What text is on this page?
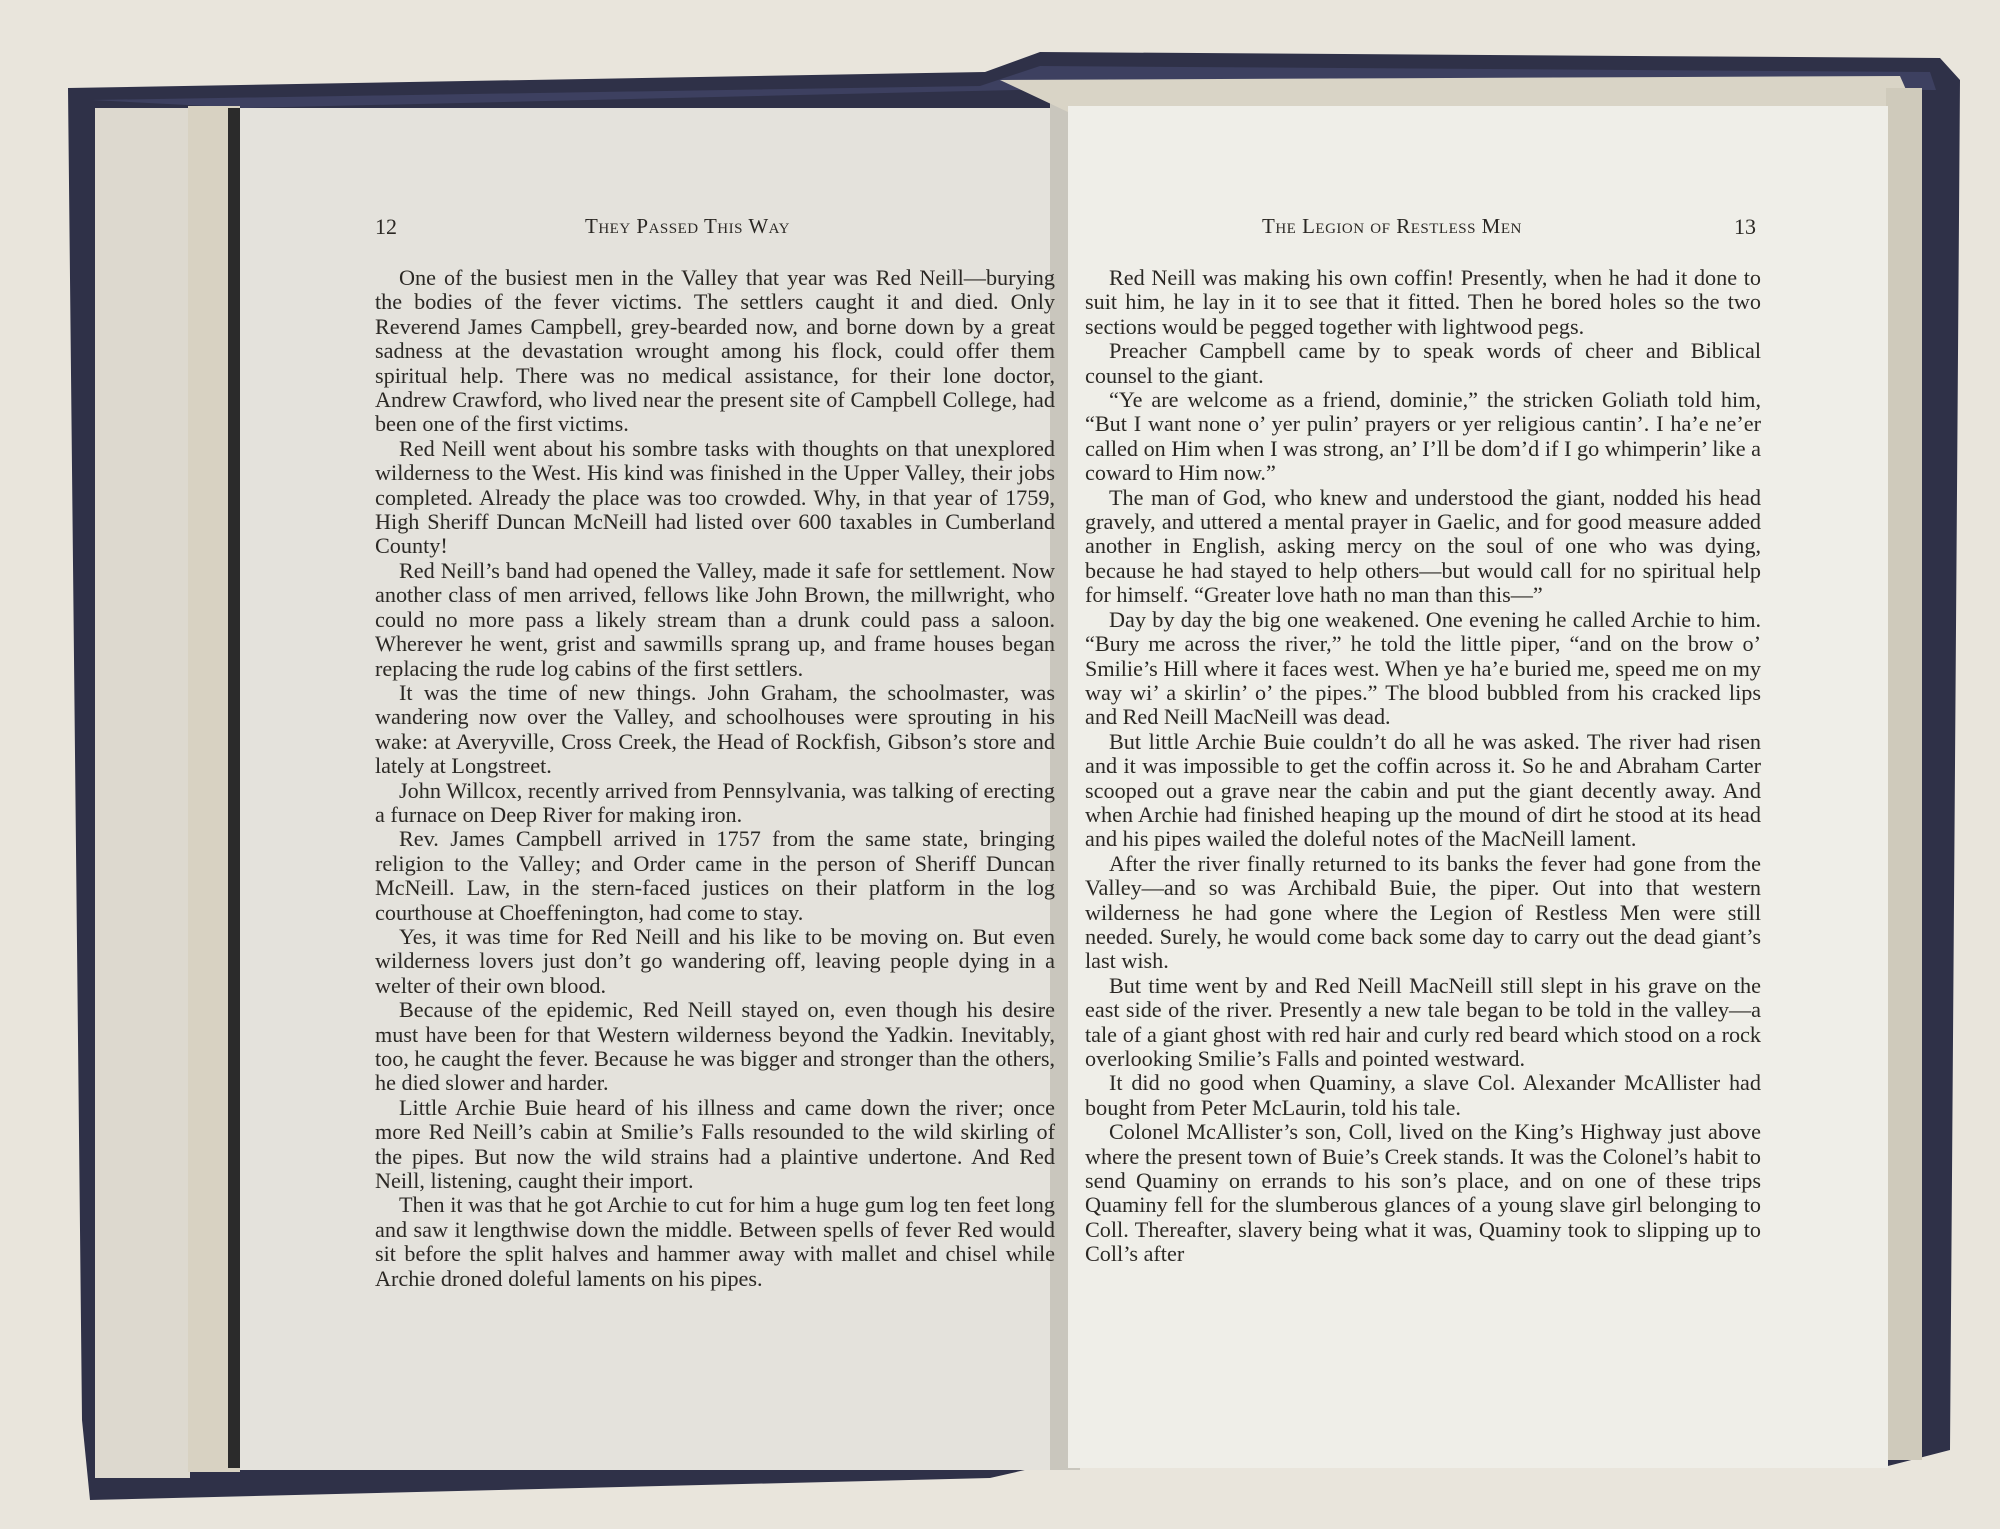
12	They Passed This Way

One of the busiest men in the Valley that year was Red Neill—burying the bodies of the fever victims. The settlers caught it and died. Only Reverend James Campbell, grey-bearded now, and borne down by a great sadness at the devastation wrought among his flock, could offer them spiritual help. There was no medical assistance, for their lone doctor, Andrew Crawford, who lived near the present site of Campbell College, had been one of the first victims.

Red Neill went about his sombre tasks with thoughts on that unexplored wilderness to the West. His kind was finished in the Upper Valley, their jobs completed. Already the place was too crowded. Why, in that year of 1759, High Sheriff Duncan McNeill had listed over 600 taxables in Cumberland County!

Red Neill’s band had opened the Valley, made it safe for settlement. Now another class of men arrived, fellows like John Brown, the millwright, who could no more pass a likely stream than a drunk could pass a saloon. Wherever he went, grist and sawmills sprang up, and frame houses began replacing the rude log cabins of the first settlers.

It was the time of new things. John Graham, the schoolmaster, was wandering now over the Valley, and schoolhouses were sprouting in his wake: at Averyville, Cross Creek, the Head of Rockfish, Gibson’s store and lately at Longstreet.

John Willcox, recently arrived from Pennsylvania, was talking of erecting a furnace on Deep River for making iron.

Rev. James Campbell arrived in 1757 from the same state, bringing religion to the Valley; and Order came in the person of Sheriff Duncan McNeill. Law, in the stern-faced justices on their platform in the log courthouse at Choeffenington, had come to stay.

Yes, it was time for Red Neill and his like to be moving on. But even wilderness lovers just don’t go wandering off, leaving people dying in a welter of their own blood.

Because of the epidemic, Red Neill stayed on, even though his desire must have been for that Western wilderness beyond the Yadkin. Inevitably, too, he caught the fever. Because he was bigger and stronger than the others, he died slower and harder.

Little Archie Buie heard of his illness and came down the river; once more Red Neill’s cabin at Smilie’s Falls resounded to the wild skirling of the pipes. But now the wild strains had a plaintive undertone. And Red Neill, listening, caught their import.

Then it was that he got Archie to cut for him a huge gum log ten feet long and saw it lengthwise down the middle. Between spells of fever Red would sit before the split halves and hammer away with mallet and chisel while Archie droned doleful laments on his pipes.

The Legion of Restless Men	13

Red Neill was making his own coffin! Presently, when he had it done to suit him, he lay in it to see that it fitted. Then he bored holes so the two sections would be pegged together with lightwood pegs.

Preacher Campbell came by to speak words of cheer and Biblical counsel to the giant.

“Ye are welcome as a friend, dominie,” the stricken Goliath told him, “But I want none o’ yer pulin’ prayers or yer religious cantin’. I ha’e ne’er called on Him when I was strong, an’ I’ll be dom’d if I go whimperin’ like a coward to Him now.”

The man of God, who knew and understood the giant, nodded his head gravely, and uttered a mental prayer in Gaelic, and for good measure added another in English, asking mercy on the soul of one who was dying, because he had stayed to help others—but would call for no spiritual help for himself. “Greater love hath no man than this—”

Day by day the big one weakened. One evening he called Archie to him. “Bury me across the river,” he told the little piper, “and on the brow o’ Smilie’s Hill where it faces west. When ye ha’e buried me, speed me on my way wi’ a skirlin’ o’ the pipes.” The blood bubbled from his cracked lips and Red Neill MacNeill was dead.

But little Archie Buie couldn’t do all he was asked. The river had risen and it was impossible to get the coffin across it. So he and Abraham Carter scooped out a grave near the cabin and put the giant decently away. And when Archie had finished heaping up the mound of dirt he stood at its head and his pipes wailed the doleful notes of the MacNeill lament.

After the river finally returned to its banks the fever had gone from the Valley—and so was Archibald Buie, the piper. Out into that western wilderness he had gone where the Legion of Restless Men were still needed. Surely, he would come back some day to carry out the dead giant’s last wish.

But time went by and Red Neill MacNeill still slept in his grave on the east side of the river. Presently a new tale began to be told in the valley—a tale of a giant ghost with red hair and curly red beard which stood on a rock overlooking Smilie’s Falls and pointed westward.

It did no good when Quaminy, a slave Col. Alexander McAllister had bought from Peter McLaurin, told his tale.

Colonel McAllister’s son, Coll, lived on the King’s Highway just above where the present town of Buie’s Creek stands. It was the Colonel’s habit to send Quaminy on errands to his son’s place, and on one of these trips Quaminy fell for the slumberous glances of a young slave girl belonging to Coll. Thereafter, slavery being what it was, Quaminy took to slipping up to Coll’s after
